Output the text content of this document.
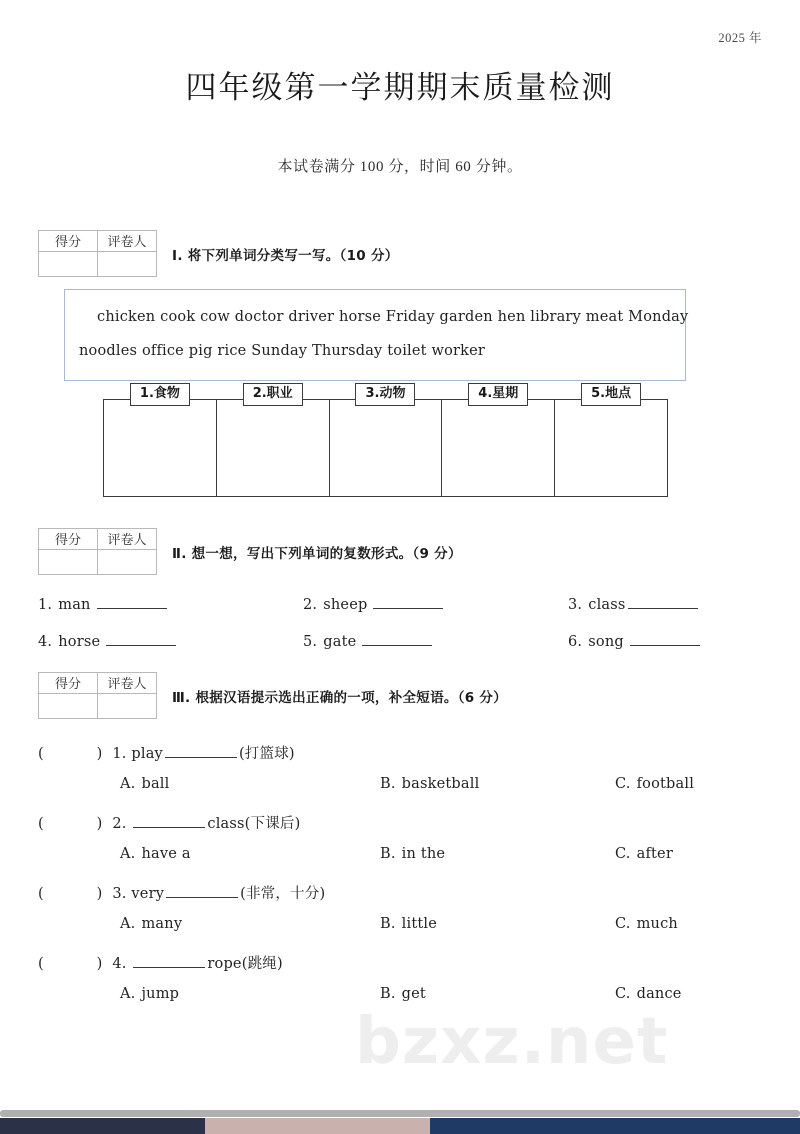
bzxz.net
2025 年
四年级第一学期期末质量检测
本试卷满分 100 分，时间 60 分钟。
得分	评卷人
Ⅰ. 将下列单词分类写一写。（10 分）
chicken cook cow doctor driver horse Friday garden hen library meat Monday
noodles office pig rice Sunday Thursday toilet worker
1.食物	2.职业	3.动物	4.星期	5.地点
得分	评卷人
Ⅱ. 想一想，写出下列单词的复数形式。（9 分）
1. man	2. sheep	3. class
4. horse	5. gate	6. song
得分	评卷人
Ⅲ. 根据汉语提示选出正确的一项，补全短语。（6 分）
(　　) 1. play	(打篮球)
A. ball	B. basketball	C. football
(　　) 2.	class(下课后)
A. have a	B. in the	C. after
(　　) 3. very	(非常，十分)
A. many	B. little	C. much
(　　) 4.	rope(跳绳)
A. jump	B. get	C. dance
